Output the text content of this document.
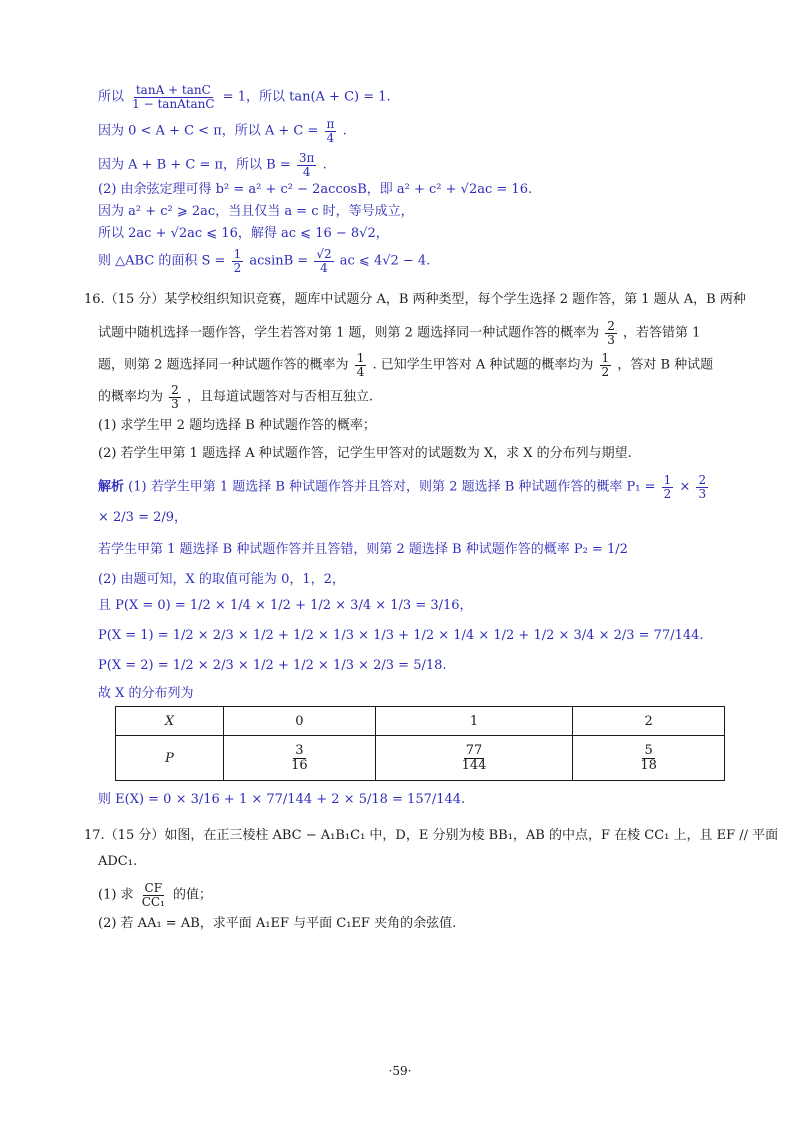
所以 $\frac{\tan A + \tan C}{\text{1 − tanAtanC}} = 1$，所以 tan(A + C) = 1.
因为 0 < A + C < π，所以 $A + C = \frac{\pi}{4}$ .
因为 A + B + C = π，所以 $B = \frac{3\pi}{4}$ .
(2) 由余弦定理可得 b² = a² + c² − 2accosB，即 a² + c² + √2ac = 16.
因为 a² + c² ⩾ 2ac，当且仅当 a = c 时，等号成立，
所以 2ac + √2ac ⩽ 16，解得 ac ⩽ 16 − 8√2，
则 △ABC 的面积 $S = \frac{1}{2}$ $acsinB = \frac{√2}{4}$ ac ⩽ 4√2 − 4.
16.（15 分）某学校组织知识竞赛，题库中试题分 A，B 两种类型，每个学生选择 2 题作答，第 1 题从 A，B 两种
试题中随机选择一题作答，学生若答对第 1 题，则第 2 题选择同一种试题作答的概率为 $\frac{2}{3}$ ，若答错第 1
题，则第 2 题选择同一种试题作答的概率为 $\frac{1}{4}$ . 已知学生甲答对 A 种试题的概率均为 $\frac{1}{2}$ ，答对 B 种试题
的概率均为 $\frac{2}{3}$ ，且每道试题答对与否相互独立.
(1) 求学生甲 2 题均选择 B 种试题作答的概率；
(2) 若学生甲第 1 题选择 A 种试题作答，记学生甲答对的试题数为 X，求 X 的分布列与期望.
解析 (1) 若学生甲第 1 题选择 B 种试题作答并且答对，则第 2 题选择 B 种试题作答的概率 $P_1 = \frac{1}{2} \times \frac{2}{3}$
× 2/3 = 2/9，
若学生甲第 1 题选择 B 种试题作答并且答错，则第 2 题选择 B 种试题作答的概率 P₂ = 1/2
(2) 由题可知，X 的取值可能为 0，1，2，
且 P(X = 0) = 1/2 × 1/4 × 1/2 + 1/2 × 3/4 × 1/3 = 3/16，
P(X = 1) = 1/2 × 2/3 × 1/2 + 1/2 × 1/3 × 1/3 + 1/2 × 1/4 × 1/2 + 1/2 × 3/4 × 2/3 = 77/144.
P(X = 2) = 1/2 × 2/3 × 1/2 + 1/2 × 1/3 × 2/3 = 5/18.
故 X 的分布列为
X	0	1	2
P	$\frac{3}{16}$	$\frac{77}{144}$	$\frac{5}{18}$
则 E(X) = 0 × 3/16 + 1 × 77/144 + 2 × 5/18 = 157/144.
17.（15 分）如图，在正三棱柱 ABC − A₁B₁C₁ 中，D，E 分别为棱 BB₁，AB 的中点，F 在棱 CC₁ 上，且 EF // 平面
ADC₁.
(1) 求 $\frac{CF}{\text{CC₁}}$ 的值；
(2) 若 AA₁ = AB，求平面 A₁EF 与平面 C₁EF 夹角的余弦值.
·59·
